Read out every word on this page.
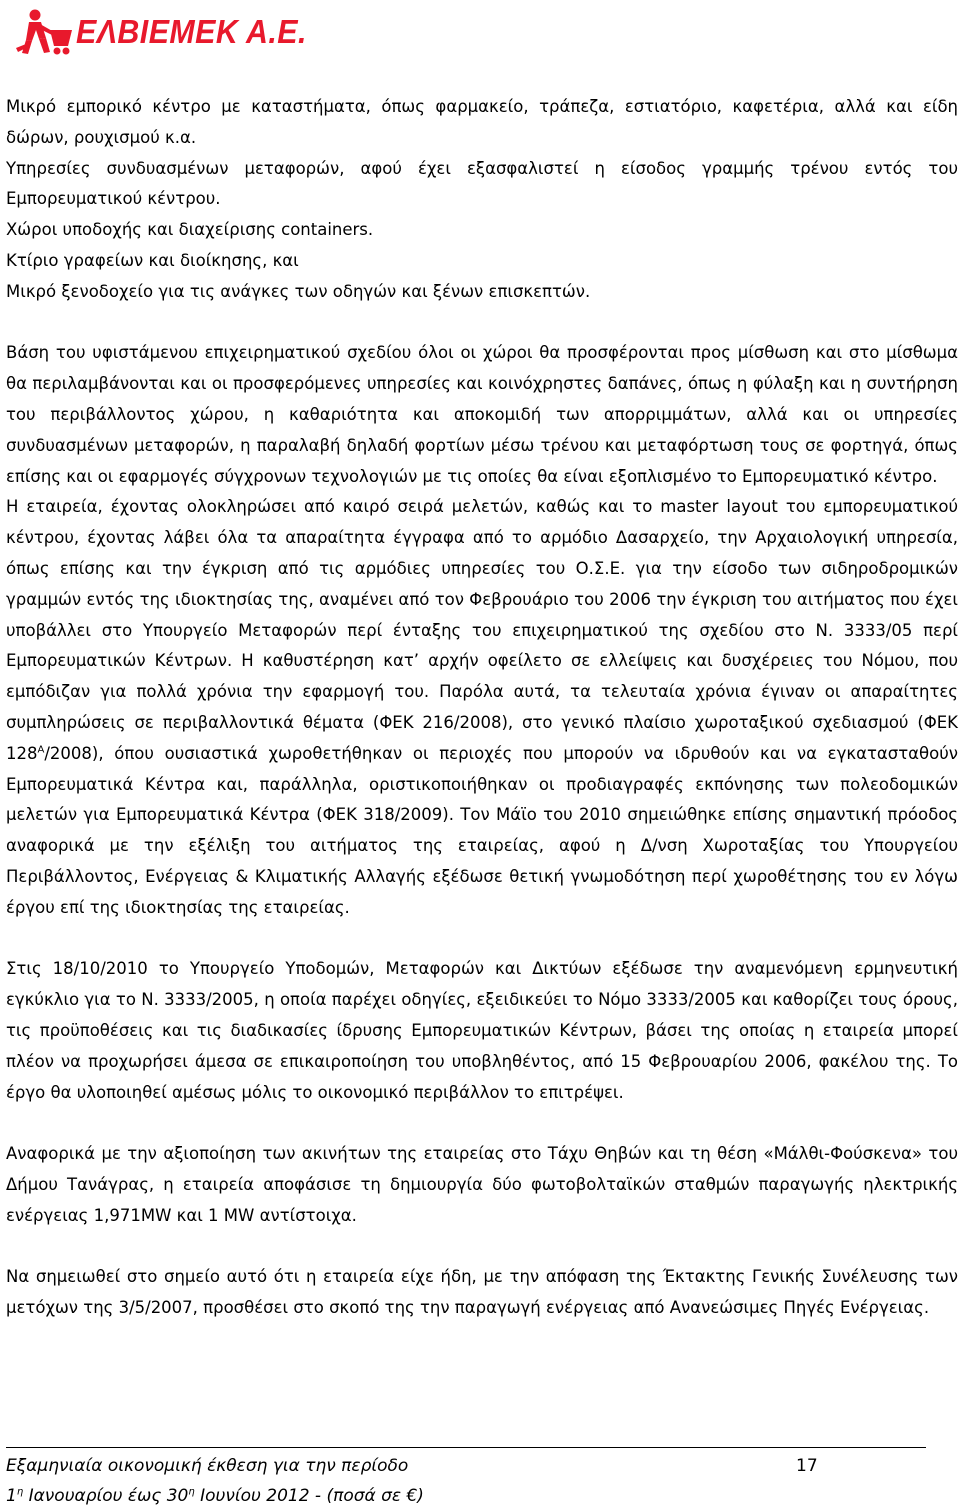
ΕΛΒΙΕΜΕΚ Α.Ε.

Μικρό εμπορικό κέντρο με καταστήματα, όπως φαρμακείο, τράπεζα, εστιατόριο, καφετέρια, αλλά και είδη δώρων, ρουχισμού κ.α.

Υπηρεσίες συνδυασμένων μεταφορών, αφού έχει εξασφαλιστεί η είσοδος γραμμής τρένου εντός του Εμπορευματικού κέντρου.

Χώροι υποδοχής και διαχείρισης containers.

Κτίριο γραφείων και διοίκησης, και

Μικρό ξενοδοχείο για τις ανάγκες των οδηγών και ξένων επισκεπτών.

Βάση του υφιστάμενου επιχειρηματικού σχεδίου όλοι οι χώροι θα προσφέρονται προς μίσθωση και στο μίσθωμα θα περιλαμβάνονται και οι προσφερόμενες υπηρεσίες και κοινόχρηστες δαπάνες, όπως η φύλαξη και η συντήρηση του περιβάλλοντος χώρου, η καθαριότητα και αποκομιδή των απορριμμάτων, αλλά και οι υπηρεσίες συνδυασμένων μεταφορών, η παραλαβή δηλαδή φορτίων μέσω τρένου και μεταφόρτωση τους σε φορτηγά, όπως επίσης και οι εφαρμογές σύγχρονων τεχνολογιών με τις οποίες θα είναι εξοπλισμένο το Εμπορευματικό κέντρο.

Η εταιρεία, έχοντας ολοκληρώσει από καιρό σειρά μελετών, καθώς και το master layout του εμπορευματικού κέντρου, έχοντας λάβει όλα τα απαραίτητα έγγραφα από το αρμόδιο Δασαρχείο, την Αρχαιολογική υπηρεσία, όπως επίσης και την έγκριση από τις αρμόδιες υπηρεσίες του Ο.Σ.Ε. για την είσοδο των σιδηροδρομικών γραμμών εντός της ιδιοκτησίας της, αναμένει από τον Φεβρουάριο του 2006 την έγκριση του αιτήματος που έχει υποβάλλει στο Υπουργείο Μεταφορών περί ένταξης του επιχειρηματικού της σχεδίου στο Ν. 3333/05 περί Εμπορευματικών Κέντρων. Η καθυστέρηση κατ’ αρχήν οφείλετο σε ελλείψεις και δυσχέρειες του Νόμου, που εμπόδιζαν για πολλά χρόνια την εφαρμογή του. Παρόλα αυτά, τα τελευταία χρόνια έγιναν οι απαραίτητες συμπληρώσεις σε περιβαλλοντικά θέματα (ΦΕΚ 216/2008), στο γενικό πλαίσιο χωροταξικού σχεδιασμού (ΦΕΚ $128^A/2008$), όπου ουσιαστικά χωροθετήθηκαν οι περιοχές που μπορούν να ιδρυθούν και να εγκατασταθούν Εμπορευματικά Κέντρα και, παράλληλα, οριστικοποιήθηκαν οι προδιαγραφές εκπόνησης των πολεοδομικών μελετών για Εμπορευματικά Κέντρα (ΦΕΚ 318/2009). Τον Μάϊο του 2010 σημειώθηκε επίσης σημαντική πρόοδος αναφορικά με την εξέλιξη του αιτήματος της εταιρείας, αφού η Δ/νση Χωροταξίας του Υπουργείου Περιβάλλοντος, Ενέργειας & Κλιματικής Αλλαγής εξέδωσε θετική γνωμοδότηση περί χωροθέτησης του εν λόγω έργου επί της ιδιοκτησίας της εταιρείας.

Στις 18/10/2010 το Υπουργείο Υποδομών, Μεταφορών και Δικτύων εξέδωσε την αναμενόμενη ερμηνευτική εγκύκλιο για το Ν. 3333/2005, η οποία παρέχει οδηγίες, εξειδικεύει το Νόμο 3333/2005 και καθορίζει τους όρους, τις προϋποθέσεις και τις διαδικασίες ίδρυσης Εμπορευματικών Κέντρων, βάσει της οποίας η εταιρεία μπορεί πλέον να προχωρήσει άμεσα σε επικαιροποίηση του υποβληθέντος, από 15 Φεβρουαρίου 2006, φακέλου της. Το έργο θα υλοποιηθεί αμέσως μόλις το οικονομικό περιβάλλον το επιτρέψει.

Αναφορικά με την αξιοποίηση των ακινήτων της εταιρείας στο Τάχυ Θηβών και τη θέση «Μάλθι-Φούσκενα» του Δήμου Τανάγρας, η εταιρεία αποφάσισε τη δημιουργία δύο φωτοβολταϊκών σταθμών παραγωγής ηλεκτρικής ενέργειας 1,971MW και 1 MW αντίστοιχα.

Να σημειωθεί στο σημείο αυτό ότι η εταιρεία είχε ήδη, με την απόφαση της Έκτακτης Γενικής Συνέλευσης των μετόχων της 3/5/2007, προσθέσει στο σκοπό της την παραγωγή ενέργειας από Ανανεώσιμες Πηγές Ενέργειας.

Εξαμηνιαία οικονομική έκθεση για την περίοδο	17
$1^\eta$ Ιανουαρίου έως $30^\eta$ Ιουνίου 2012 - (ποσά σε €)
